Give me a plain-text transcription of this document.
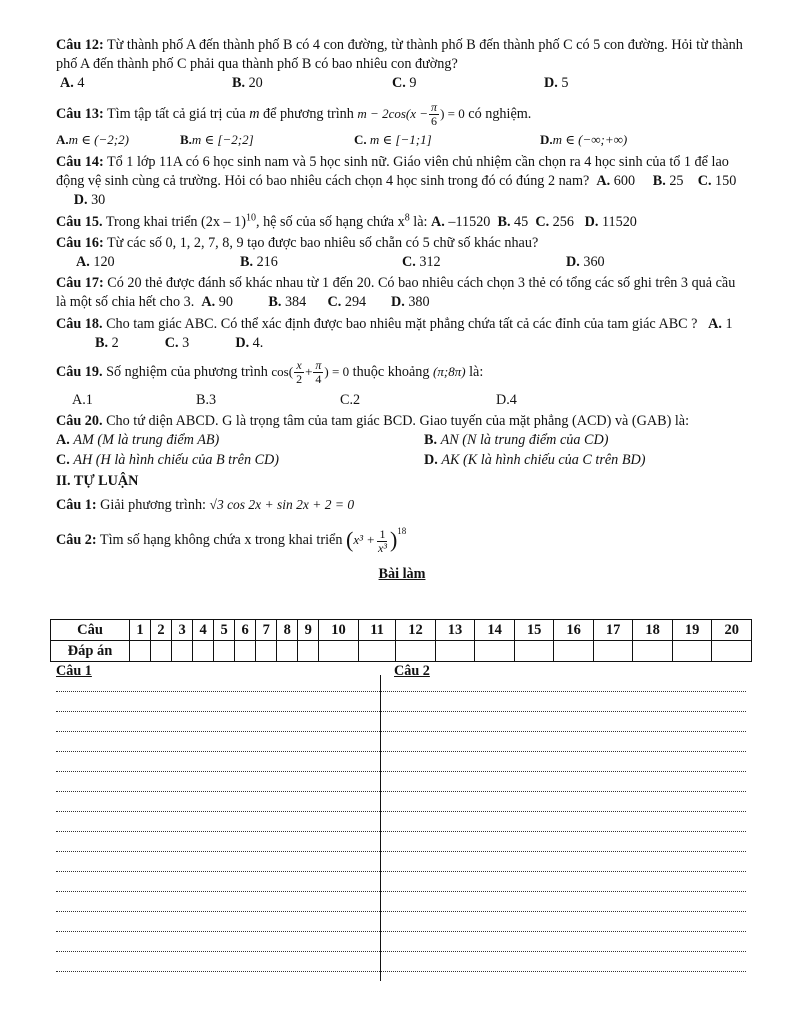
Câu 12: Từ thành phố A đến thành phố B có 4 con đường, từ thành phố B đến thành phố C có 5 con đường. Hỏi từ thành phố A đến thành phố C phải qua thành phố B có bao nhiêu con đường?

A. 4	B. 20	C. 9	D. 5

Câu 13: Tìm tập tất cả giá trị của m để phương trình $m - 2\cos(x - \frac{\pi}{6}$ ) = 0 có nghiệm.

A.m ∈ (−2;2)	B.m ∈ [−2;2]	C. m ∈ [−1;1]	D.m ∈ (−∞;+∞)

Câu 14: Tổ 1 lớp 11A có 6 học sinh nam và 5 học sinh nữ. Giáo viên chủ nhiệm cần chọn ra 4 học sinh của tổ 1 để lao động vệ sinh cùng cả trường. Hỏi có bao nhiêu cách chọn 4 học sinh trong đó có đúng 2 nam? A. 600 B. 25 C. 150      D. 30

Câu 15. Trong khai triển (2x – 1)$^{10}$, hệ số của số hạng chứa $x^8$ là: A. –11520 B. 45 C. 256 D. 11520

Câu 16: Từ các số 0, 1, 2, 7, 8, 9 tạo được bao nhiêu số chẵn có 5 chữ số khác nhau?

A. 120	B. 216	C. 312	D. 360

Câu 17: Có 20 thẻ được đánh số khác nhau từ 1 đến 20. Có bao nhiêu cách chọn 3 thẻ có tổng các số ghi trên 3 quả cầu là một số chia hết cho 3. A. 90 B. 384 C. 294 D. 380

Câu 18. Cho tam giác ABC. Có thể xác định được bao nhiêu mặt phẳng chứa tất cả các đỉnh của tam giác ABC ? A. 1            B. 2	C. 3	D. 4.

Câu 19. Số nghiệm của phương trình $\cos( \frac{x}{2} + \frac{\pi}{4}$ ) = 0 thuộc khoảng (π;8π) là:

A.1	B.3	C.2	D.4

Câu 20. Cho tứ diện ABCD. G là trọng tâm của tam giác BCD. Giao tuyến của mặt phẳng (ACD) và (GAB) là:

A. AM (M là trung điểm AB)	B. AN (N là trung điểm của CD)
C. AH (H là hình chiếu của B trên CD)	D. AK (K là hình chiếu của C trên BD)

II. TỰ LUẬN

Câu 1: Giải phương trình: √3 cos 2x + sin 2x + 2 = 0

Câu 2: Tìm số hạng không chứa x trong khai triển $(x^3 + \frac{1}{\text{x³}} )^{18}$

Bài làm

Câu	1	2	3	4	5	6	7	8	9	10	11	12	13	14	15	16	17	18	19	20
Đáp án																				
Câu 1	Câu 2
